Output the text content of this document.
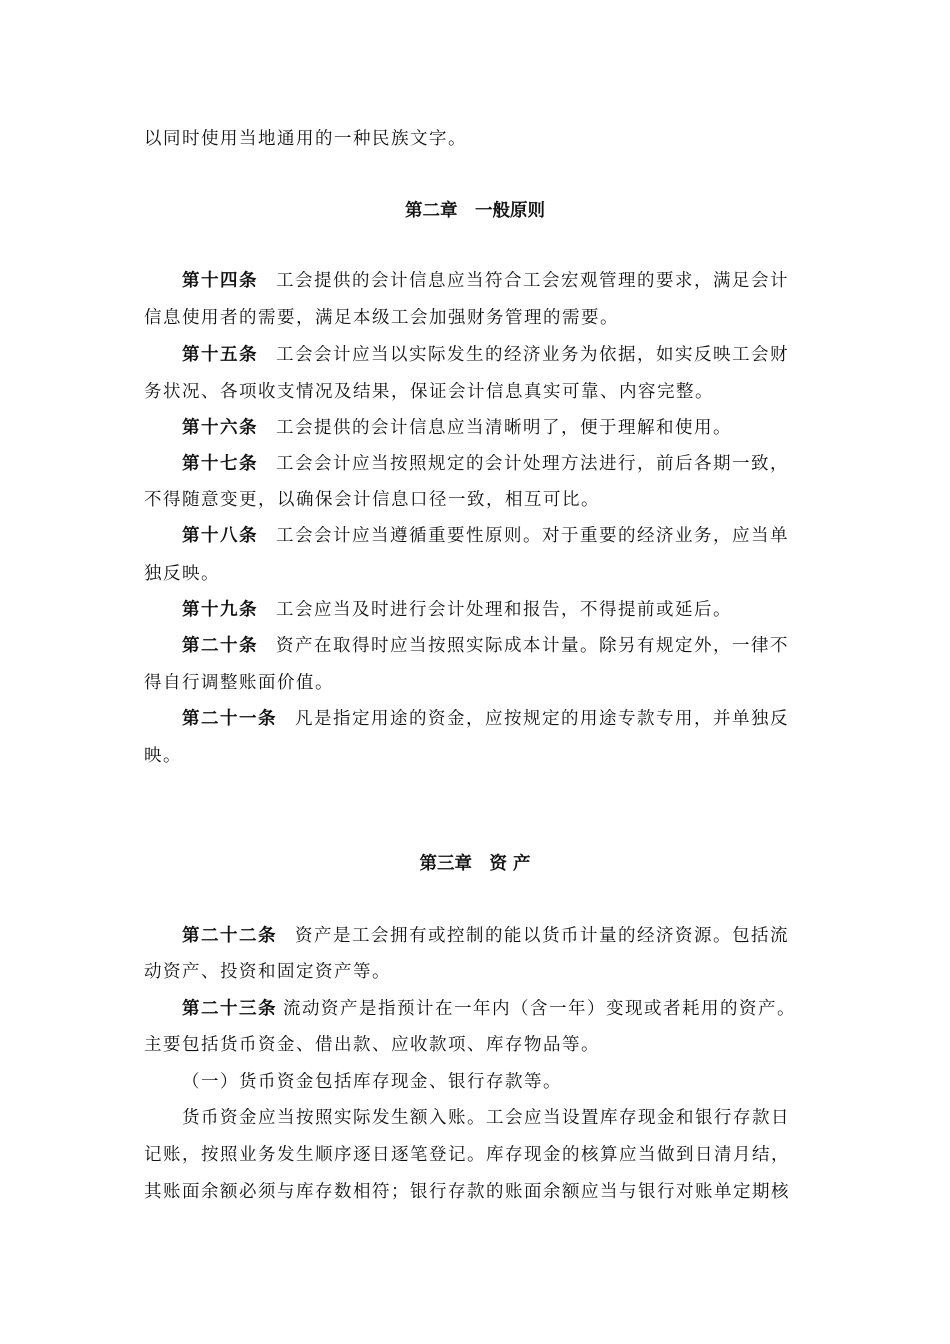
以同时使用当地通用的一种民族文字。
第二章　一般原则
第十四条 工会提供的会计信息应当符合工会宏观管理的要求，满足会计
信息使用者的需要，满足本级工会加强财务管理的需要。
第十五条 工会会计应当以实际发生的经济业务为依据，如实反映工会财
务状况、各项收支情况及结果，保证会计信息真实可靠、内容完整。
第十六条 工会提供的会计信息应当清晰明了，便于理解和使用。
第十七条 工会会计应当按照规定的会计处理方法进行，前后各期一致，
不得随意变更，以确保会计信息口径一致，相互可比。
第十八条 工会会计应当遵循重要性原则。对于重要的经济业务，应当单
独反映。
第十九条 工会应当及时进行会计处理和报告，不得提前或延后。
第二十条 资产在取得时应当按照实际成本计量。除另有规定外，一律不
得自行调整账面价值。
第二十一条 凡是指定用途的资金，应按规定的用途专款专用，并单独反
映。
第三章　资 产
第二十二条 资产是工会拥有或控制的能以货币计量的经济资源。包括流
动资产、投资和固定资产等。
第二十三条 流动资产是指预计在一年内（含一年）变现或者耗用的资产。
主要包括货币资金、借出款、应收款项、库存物品等。
（一）货币资金包括库存现金、银行存款等。
货币资金应当按照实际发生额入账。工会应当设置库存现金和银行存款日
记账，按照业务发生顺序逐日逐笔登记。库存现金的核算应当做到日清月结，
其账面余额必须与库存数相符；银行存款的账面余额应当与银行对账单定期核
